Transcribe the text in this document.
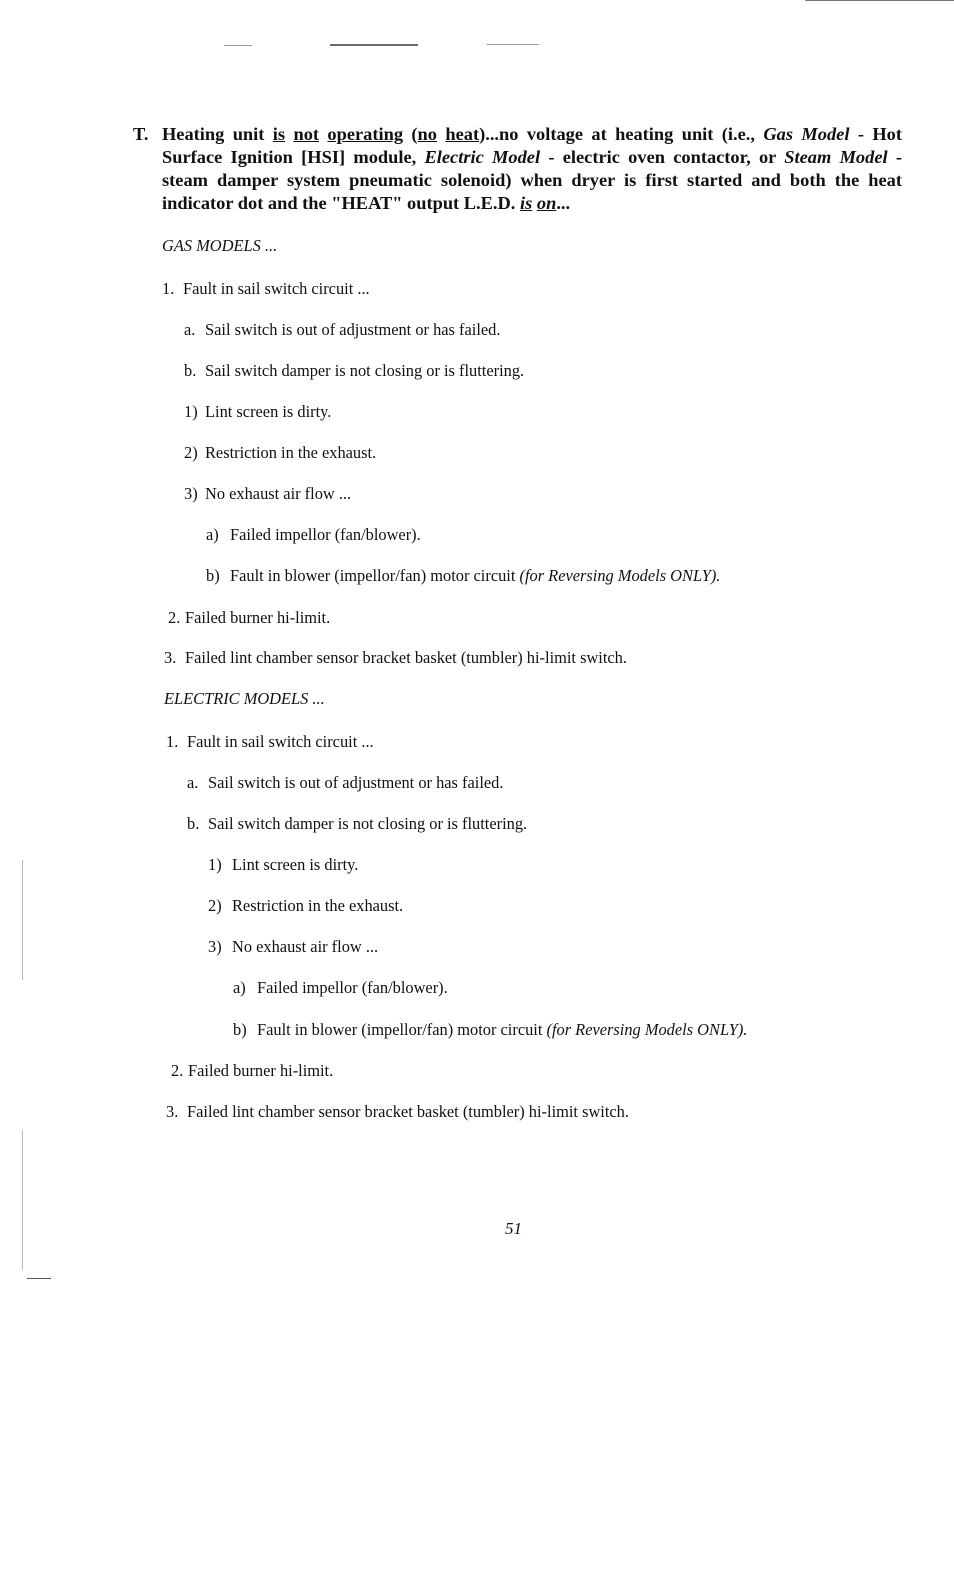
T. Heating unit is not operating (no heat)...no voltage at heating unit (i.e., Gas Model - Hot
Surface Ignition [HSI] module, Electric Model - electric oven contactor, or Steam Model -
steam damper system pneumatic solenoid) when dryer is first started and both the heat
indicator dot and the "HEAT" output L.E.D. is on...
GAS MODELS ...
1. Fault in sail switch circuit ...
a. Sail switch is out of adjustment or has failed.
b. Sail switch damper is not closing or is fluttering.
1) Lint screen is dirty.
2) Restriction in the exhaust.
3) No exhaust air flow ...
a) Failed impellor (fan/blower).
b) Fault in blower (impellor/fan) motor circuit (for Reversing Models ONLY).
2. Failed burner hi-limit.
3. Failed lint chamber sensor bracket basket (tumbler) hi-limit switch.
ELECTRIC MODELS ...
1. Fault in sail switch circuit ...
a. Sail switch is out of adjustment or has failed.
b. Sail switch damper is not closing or is fluttering.
1) Lint screen is dirty.
2) Restriction in the exhaust.
3) No exhaust air flow ...
a) Failed impellor (fan/blower).
b) Fault in blower (impellor/fan) motor circuit (for Reversing Models ONLY).
2. Failed burner hi-limit.
3. Failed lint chamber sensor bracket basket (tumbler) hi-limit switch.
51
